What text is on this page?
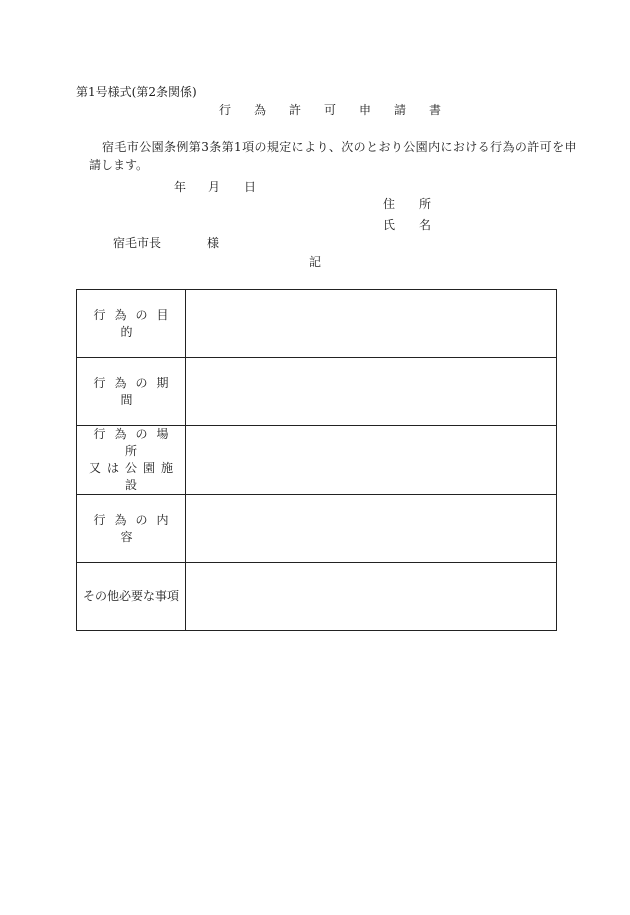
第1号様式(第2条関係)
行為許可申請書
宿毛市公園条例第3条第1項の規定により、次のとおり公園内における行為の許可を申
請します。
年 月 日
住所
氏名
宿毛市長	様
記
行為の目的	
行為の期間	

行為の場所
又は公園施設	

行為の内容	
その他必要な事項	
